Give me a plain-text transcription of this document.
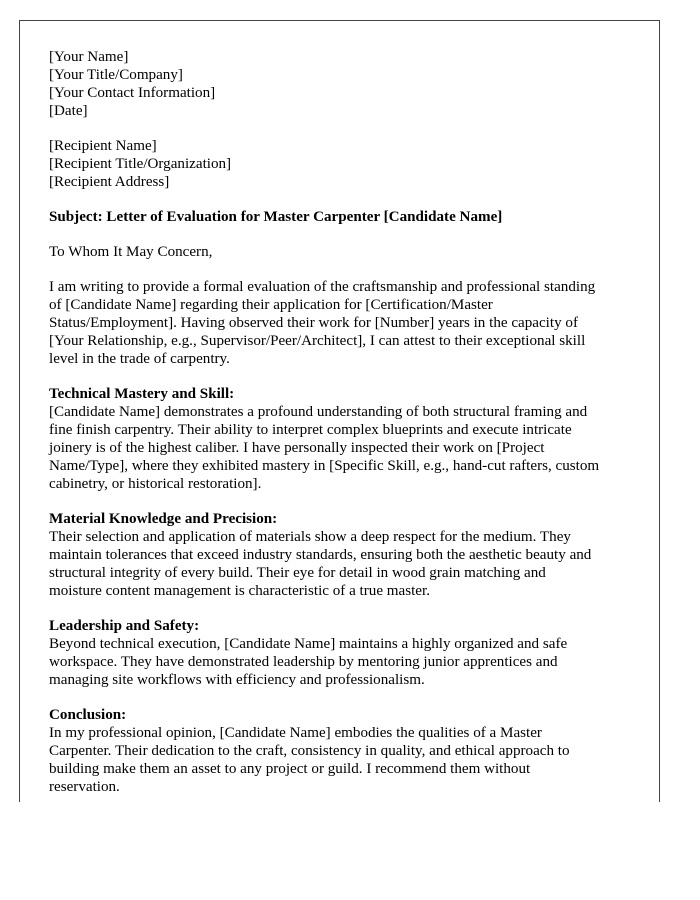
[Your Name]
[Your Title/Company]
[Your Contact Information]
[Date]
[Recipient Name]
[Recipient Title/Organization]
[Recipient Address]
Subject: Letter of Evaluation for Master Carpenter [Candidate Name]
To Whom It May Concern,
I am writing to provide a formal evaluation of the craftsmanship and professional standing
of [Candidate Name] regarding their application for [Certification/Master
Status/Employment]. Having observed their work for [Number] years in the capacity of
[Your Relationship, e.g., Supervisor/Peer/Architect], I can attest to their exceptional skill
level in the trade of carpentry.
Technical Mastery and Skill:
[Candidate Name] demonstrates a profound understanding of both structural framing and
fine finish carpentry. Their ability to interpret complex blueprints and execute intricate
joinery is of the highest caliber. I have personally inspected their work on [Project
Name/Type], where they exhibited mastery in [Specific Skill, e.g., hand-cut rafters, custom
cabinetry, or historical restoration].
Material Knowledge and Precision:
Their selection and application of materials show a deep respect for the medium. They
maintain tolerances that exceed industry standards, ensuring both the aesthetic beauty and
structural integrity of every build. Their eye for detail in wood grain matching and
moisture content management is characteristic of a true master.
Leadership and Safety:
Beyond technical execution, [Candidate Name] maintains a highly organized and safe
workspace. They have demonstrated leadership by mentoring junior apprentices and
managing site workflows with efficiency and professionalism.
Conclusion:
In my professional opinion, [Candidate Name] embodies the qualities of a Master
Carpenter. Their dedication to the craft, consistency in quality, and ethical approach to
building make them an asset to any project or guild. I recommend them without
reservation.
